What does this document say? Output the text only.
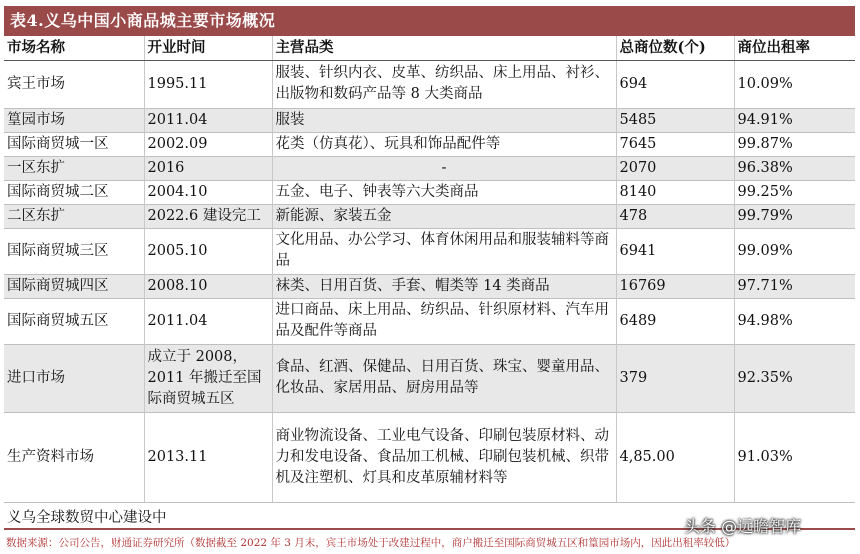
表4.义乌中国小商品城主要市场概况
市场名称	开业时间	主营品类	总商位数(个)	商位出租率
宾王市场	1995.11	服装、针织内衣、皮革、纺织品、床上用品、衬衫、出版物和数码产品等 8 大类商品	694	10.09%
篁园市场	2011.04	服装	5485	94.91%
国际商贸城一区	2002.09	花类（仿真花）、玩具和饰品配件等	7645	99.87%
一区东扩	2016	-	2070	96.38%
国际商贸城二区	2004.10	五金、电子、钟表等六大类商品	8140	99.25%
二区东扩	2022.6 建设完工	新能源、家装五金	478	99.79%
国际商贸城三区	2005.10	文化用品、办公学习、体育休闲用品和服装辅料等商品	6941	99.09%
国际商贸城四区	2008.10	袜类、日用百货、手套、帽类等 14 类商品	16769	97.71%
国际商贸城五区	2011.04	进口商品、床上用品、纺织品、针织原材料、汽车用品及配件等商品	6489	94.98%
进口市场	成立于 2008，2011 年搬迁至国际商贸城五区	食品、红酒、保健品、日用百货、珠宝、婴童用品、化妆品、家居用品、厨房用品等	379	92.35%
生产资料市场	2013.11	商业物流设备、工业电气设备、印刷包装原材料、动力和发电设备、食品加工机械、印刷包装机械、织带机及注塑机、灯具和皮革原辅材料等	4,85.00	91.03%
义乌全球数贸中心建设中
数据来源：公司公告，财通证券研究所（数据截至 2022 年 3 月末，宾王市场处于改建过程中，商户搬迁至国际商贸城五区和篁园市场内，因此出租率较低）
头条 @远瞻智库
